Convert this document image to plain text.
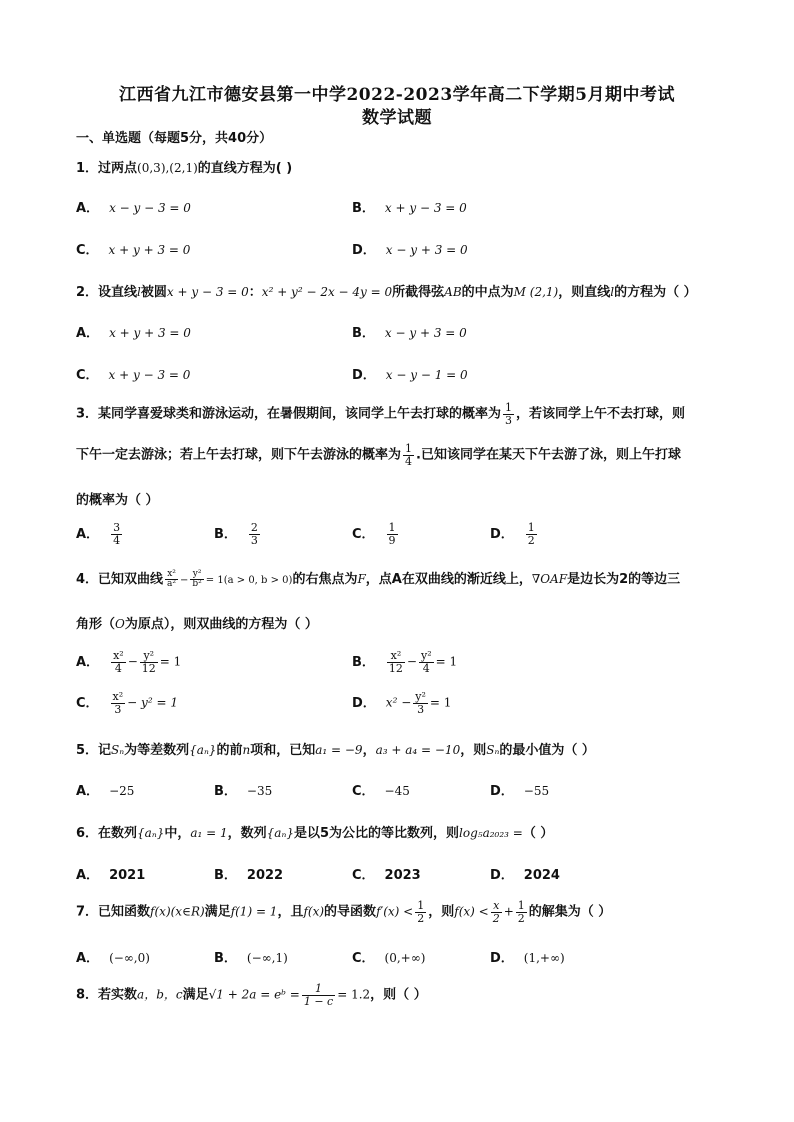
江西省九江市德安县第一中学2022-2023学年高二下学期5月期中考试
数学试题
一、单选题（每题5分，共40分）
1．过两点(0,3),(2,1)的直线方程为( )
A． x − y − 3 = 0	B． x + y − 3 = 0
C． x + y + 3 = 0	D． x − y + 3 = 0
2．设直线l被圆x + y − 3 = 0：x² + y² − 2x − 4y = 0所截得弦AB的中点为M (2,1)，则直线l的方程为（ ）
A． x + y + 3 = 0	B． x − y + 3 = 0
C． x + y − 3 = 0	D． x − y − 1 = 0
3．某同学喜爱球类和游泳运动，在暑假期间，该同学上午去打球的概率为 $\frac{1}{3}$ ，若该同学上午不去打球，则
下午一定去游泳；若上午去打球，则下午去游泳的概率为 $\frac{1}{4}$ .已知该同学在某天下午去游了泳，则上午打球
的概率为（ ）
A． $\frac{3}{4}$	B． $\frac{2}{3}$	C． $\frac{1}{9}$	D． $\frac{1}{2}$
4．已知双曲线 $\frac{\text{x²}}{\text{a²}} - \frac{\text{y²}}{\text{b²}} = 1(a > 0$, b > 0)的右焦点为F，点A在双曲线的渐近线上，∇OAF是边长为2的等边三
角形（O为原点），则双曲线的方程为（ ）
A． $\frac{\text{x²}}{4} - \frac{\text{y²}}{12} = 1$	B． $\frac{\text{x²}}{12} - \frac{\text{y²}}{4} = 1$
C． $\frac{\text{x²}}{3} - y^2 = 1$	D． $x^2 - \frac{\text{y²}}{3} = 1$
5．记Sₙ为等差数列{aₙ}的前n项和，已知a₁ = −9，a₃ + a₄ = −10，则Sₙ的最小值为（ ）
A． −25	B． −35	C． −45	D． −55
6．在数列{aₙ}中，a₁ = 1，数列{aₙ}是以5为公比的等比数列，则log₅a₂₀₂₃ =（ ）
A． 2021	B． 2022	C． 2023	D． 2024
7．已知函数f(x)(x∈R)满足f(1) = 1，且f(x)的导函数$f'(x) < \frac{1}{2}$ ，则$f(x) < \frac{x}{2} + \frac{1}{2}$ 的解集为（ ）
A． (−∞,0)	B． (−∞,1)	C． (0,+∞)	D． (1,+∞)
8．若实数a，b，c满足√1 + 2a = eᵇ = $\frac{1}{1 - c} = 1.2$，则（ ）
